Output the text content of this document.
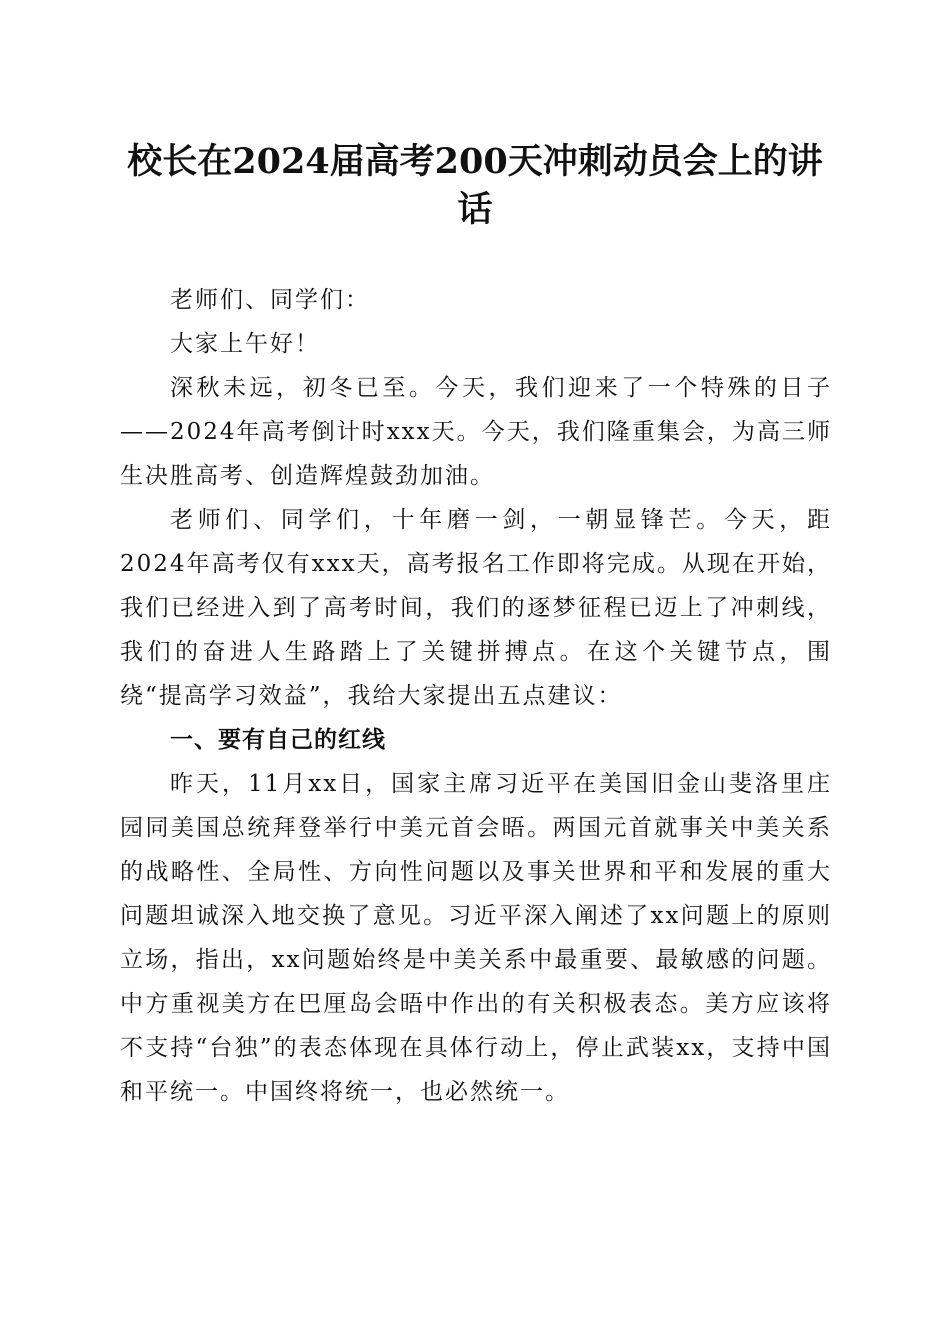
校长在2024届高考200天冲刺动员会上的讲话

老师们、同学们：

大家上午好！

深秋未远，初冬已至。今天，我们迎来了一个特殊的日子——2024年高考倒计时xxx天。今天，我们隆重集会，为高三师生决胜高考、创造辉煌鼓劲加油。

老师们、同学们，十年磨一剑，一朝显锋芒。今天，距2024年高考仅有xxx天，高考报名工作即将完成。从现在开始，我们已经进入到了高考时间，我们的逐梦征程已迈上了冲刺线，我们的奋进人生路踏上了关键拼搏点。在这个关键节点，围绕“提高学习效益”，我给大家提出五点建议：

一、要有自己的红线

昨天，11月xx日，国家主席习近平在美国旧金山斐洛里庄园同美国总统拜登举行中美元首会晤。两国元首就事关中美关系的战略性、全局性、方向性问题以及事关世界和平和发展的重大问题坦诚深入地交换了意见。习近平深入阐述了xx问题上的原则立场，指出，xx问题始终是中美关系中最重要、最敏感的问题。中方重视美方在巴厘岛会晤中作出的有关积极表态。美方应该将不支持“台独”的表态体现在具体行动上，停止武装xx，支持中国和平统一。中国终将统一，也必然统一。
